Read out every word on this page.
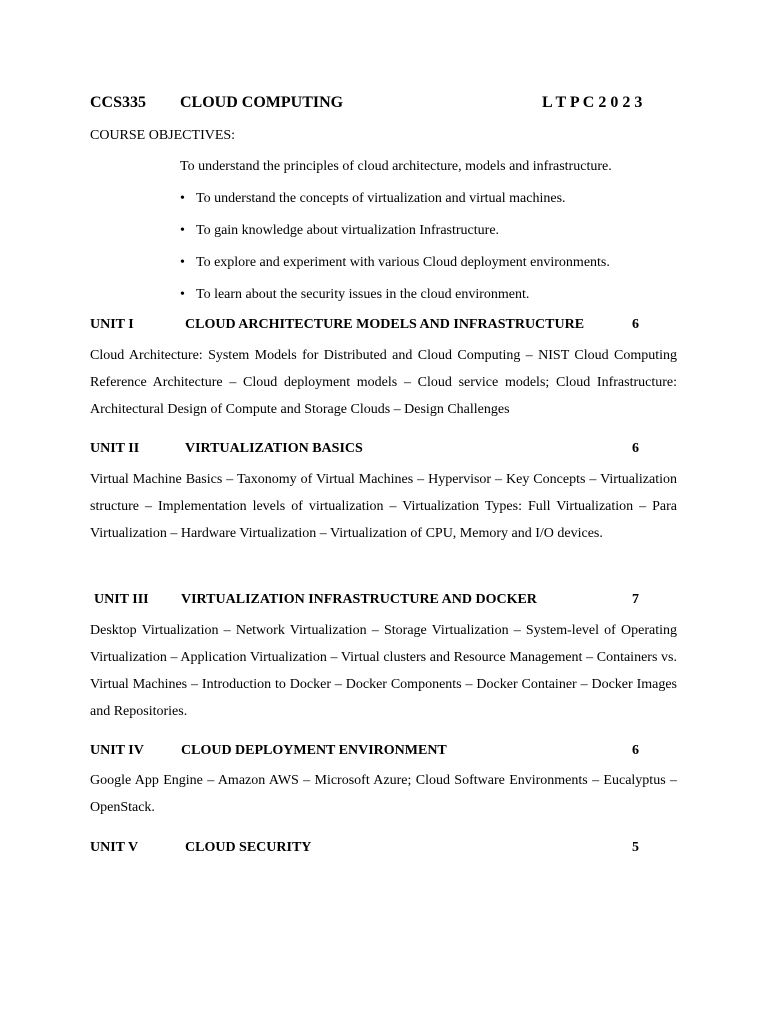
CCS335 CLOUD COMPUTING	L T P C 2 0 2 3
COURSE OBJECTIVES:
To understand the principles of cloud architecture, models and infrastructure.
• To understand the concepts of virtualization and virtual machines.
• To gain knowledge about virtualization Infrastructure.
• To explore and experiment with various Cloud deployment environments.
• To learn about the security issues in the cloud environment.
UNIT I	CLOUD ARCHITECTURE MODELS AND INFRASTRUCTURE	6
Cloud Architecture: System Models for Distributed and Cloud Computing – NIST Cloud Computing Reference Architecture – Cloud deployment models – Cloud service models; Cloud Infrastructure: Architectural Design of Compute and Storage Clouds – Design Challenges
UNIT II	VIRTUALIZATION BASICS	6
Virtual Machine Basics – Taxonomy of Virtual Machines – Hypervisor – Key Concepts – Virtualization structure – Implementation levels of virtualization – Virtualization Types: Full Virtualization – Para Virtualization – Hardware Virtualization – Virtualization of CPU, Memory and I/O devices.
UNIT III VIRTUALIZATION INFRASTRUCTURE AND DOCKER	7
Desktop Virtualization – Network Virtualization – Storage Virtualization – System-level of Operating Virtualization – Application Virtualization – Virtual clusters and Resource Management – Containers vs. Virtual Machines – Introduction to Docker – Docker Components – Docker Container – Docker Images and Repositories.
UNIT IV	CLOUD DEPLOYMENT ENVIRONMENT	6
Google App Engine – Amazon AWS – Microsoft Azure; Cloud Software Environments – Eucalyptus – OpenStack.
UNIT V	CLOUD SECURITY	5
